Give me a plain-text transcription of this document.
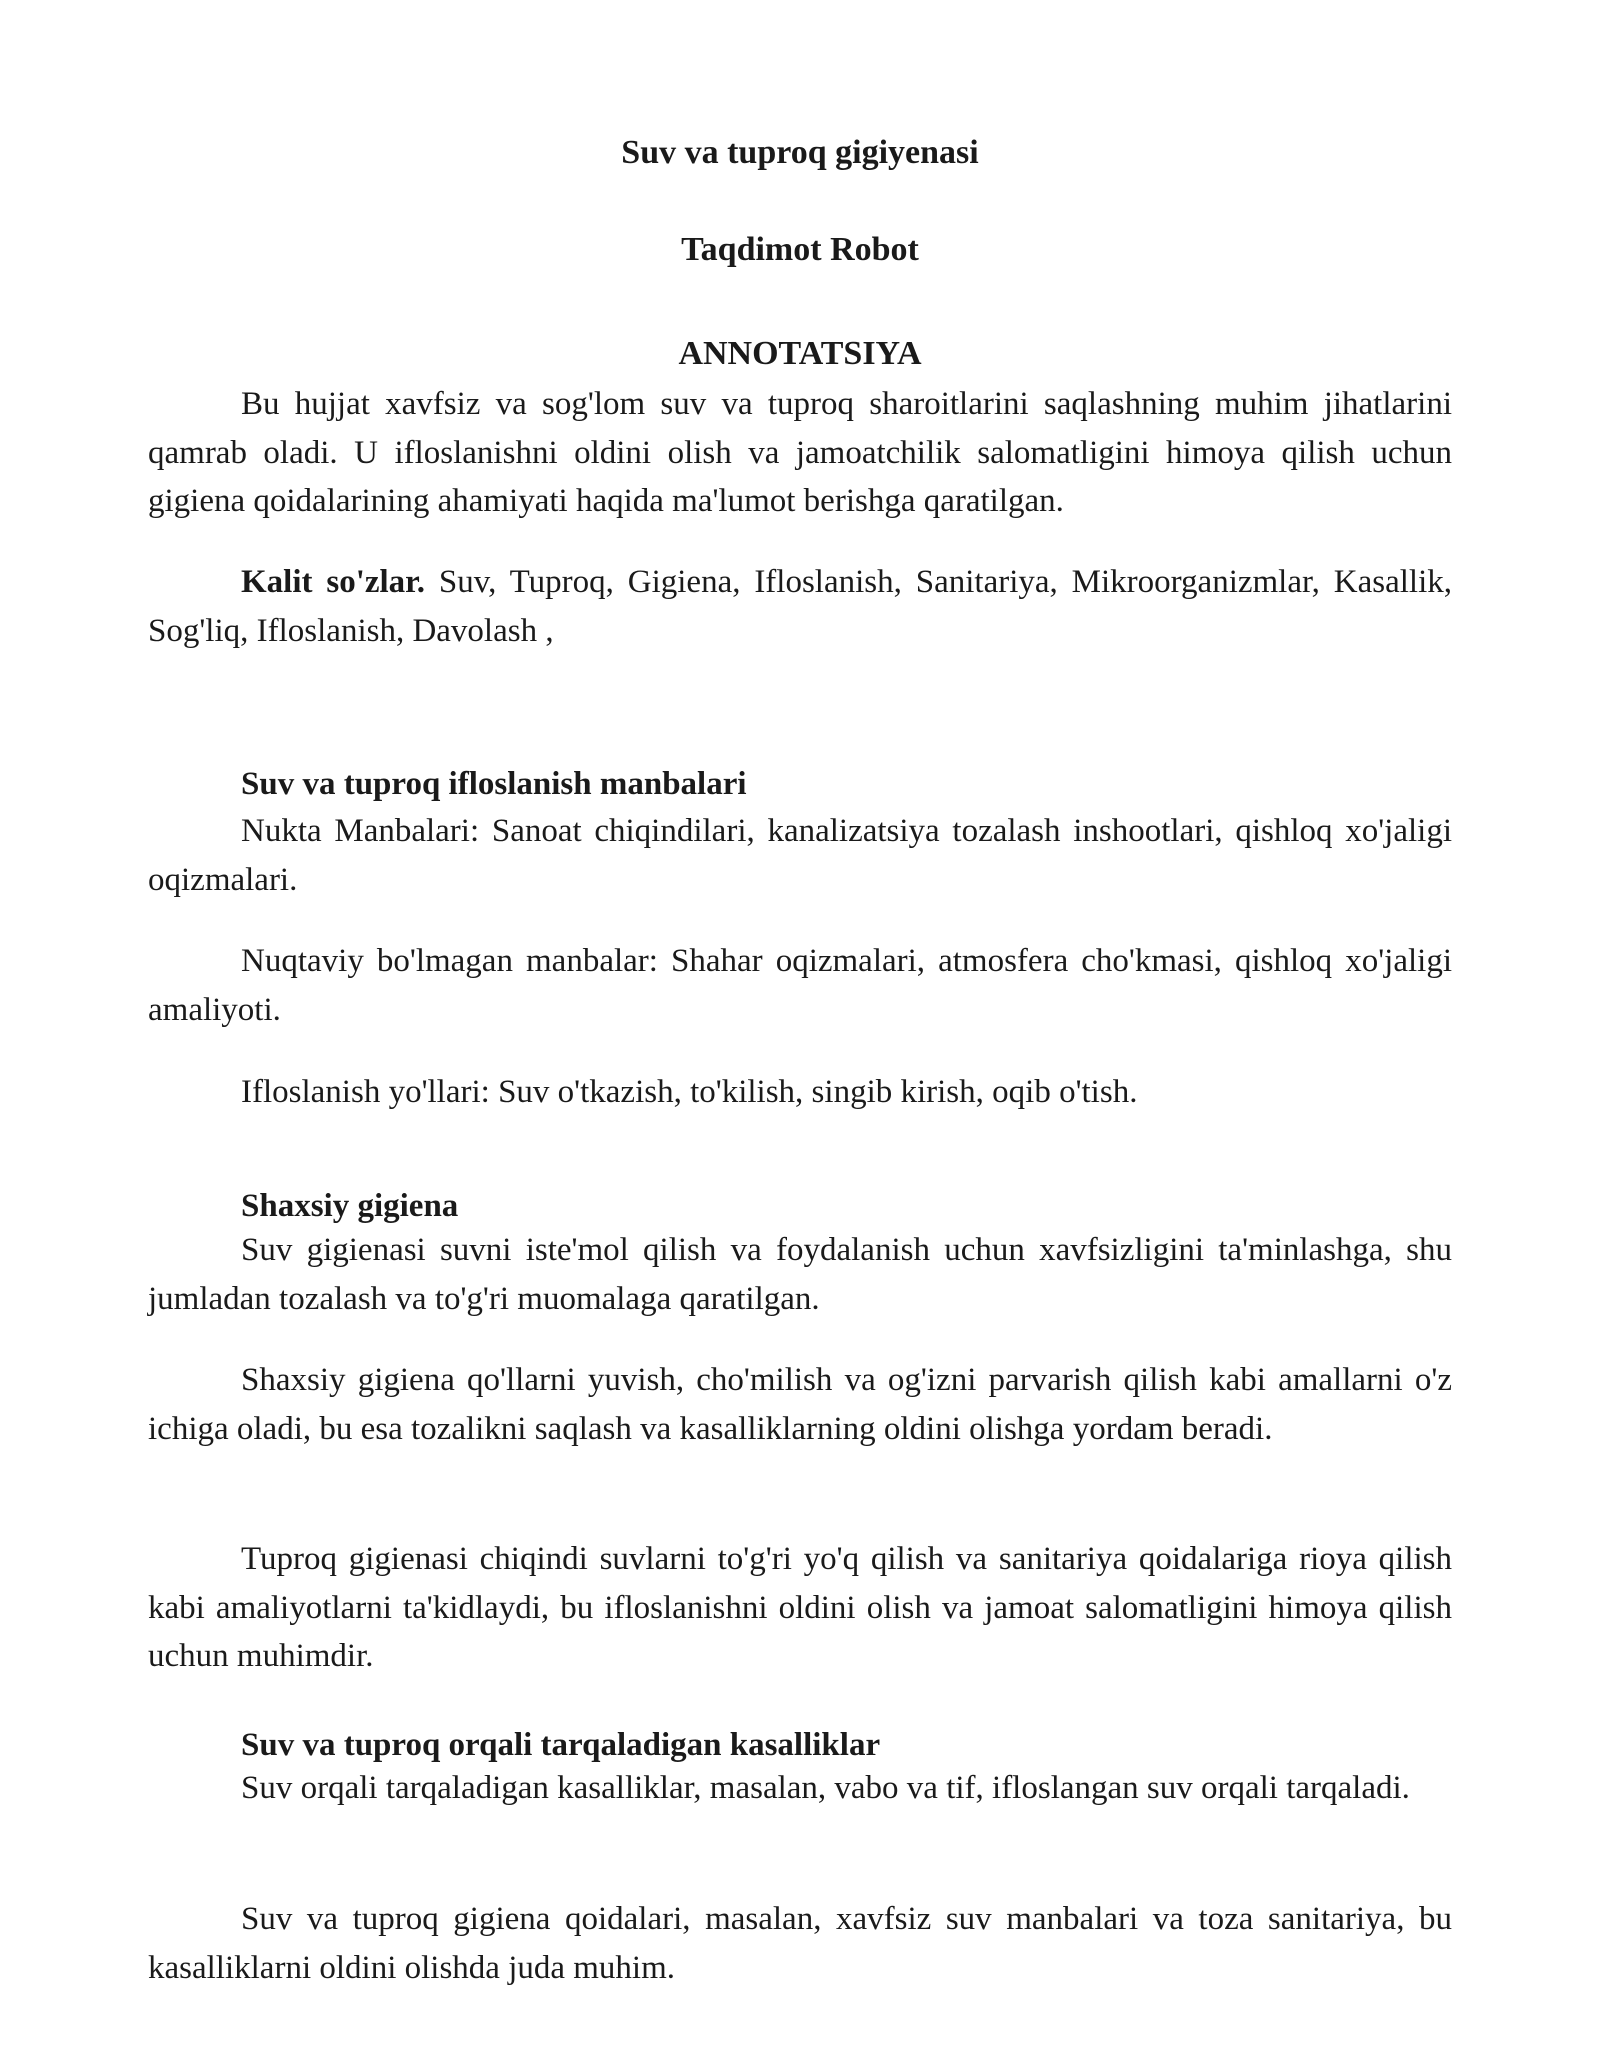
Suv va tuproq gigiyenasi

Taqdimot Robot

ANNOTATSIYA

Bu hujjat xavfsiz va sog'lom suv va tuproq sharoitlarini saqlashning muhim jihatlarini qamrab oladi. U ifloslanishni oldini olish va jamoatchilik salomatligini himoya qilish uchun gigiena qoidalarining ahamiyati haqida ma'lumot berishga qaratilgan.

Kalit so'zlar. Suv, Tuproq, Gigiena, Ifloslanish, Sanitariya, Mikroorganizmlar, Kasallik, Sog'liq, Ifloslanish, Davolash ,

Suv va tuproq ifloslanish manbalari

Nukta Manbalari: Sanoat chiqindilari, kanalizatsiya tozalash inshootlari, qishloq xo'jaligi oqizmalari.

Nuqtaviy bo'lmagan manbalar: Shahar oqizmalari, atmosfera cho'kmasi, qishloq xo'jaligi amaliyoti.

Ifloslanish yo'llari: Suv o'tkazish, to'kilish, singib kirish, oqib o'tish.

Shaxsiy gigiena

Suv gigienasi suvni iste'mol qilish va foydalanish uchun xavfsizligini ta'minlashga, shu jumladan tozalash va to'g'ri muomalaga qaratilgan.

Shaxsiy gigiena qo'llarni yuvish, cho'milish va og'izni parvarish qilish kabi amallarni o'z ichiga oladi, bu esa tozalikni saqlash va kasalliklarning oldini olishga yordam beradi.

Tuproq gigienasi chiqindi suvlarni to'g'ri yo'q qilish va sanitariya qoidalariga rioya qilish kabi amaliyotlarni ta'kidlaydi, bu ifloslanishni oldini olish va jamoat salomatligini himoya qilish uchun muhimdir.

Suv va tuproq orqali tarqaladigan kasalliklar

Suv orqali tarqaladigan kasalliklar, masalan, vabo va tif, ifloslangan suv orqali tarqaladi.

Suv va tuproq gigiena qoidalari, masalan, xavfsiz suv manbalari va toza sanitariya, bu kasalliklarni oldini olishda juda muhim.
